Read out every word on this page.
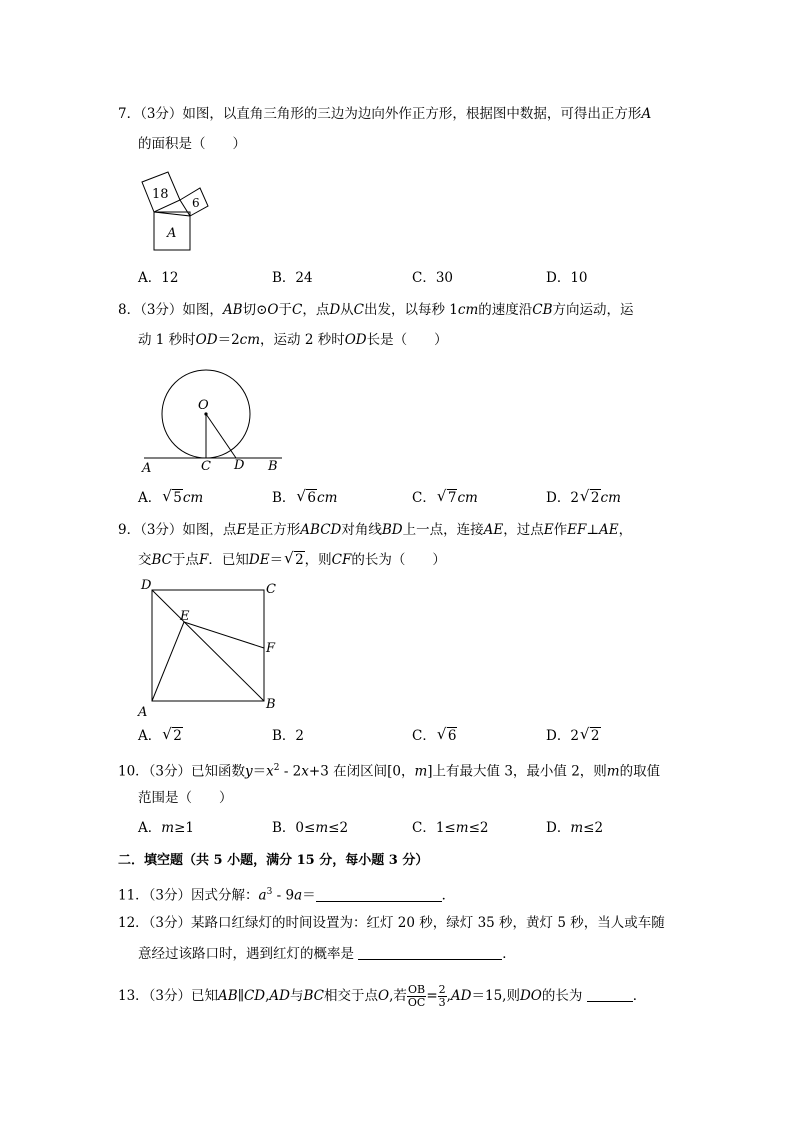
7．（3分）如图，以直角三角形的三边为边向外作正方形，根据图中数据，可得出正方形A
的面积是（　　）
18
6
A
A．12	B．24	C．30	D．10
8．（3分）如图，AB切⊙O于C，点D从C出发，以每秒 1cm的速度沿CB方向运动，运
动 1 秒时OD＝2cm，运动 2 秒时OD长是（　　）
O
A	C D B
A． √ 5cm	B． √ 6cm	C． √ 7cm	D．2 √ 2cm
9．（3分）如图，点E是正方形ABCD对角线BD上一点，连接AE，过点E作EF⊥AE，
交BC于点F．已知DE＝ √ 2，则CF的长为（　　）
D	C
E
F
A
B
A． √ 2	B．2	C． √ 6	D．2 √ 2
10．（3分）已知函数$y=x^2 - 2x+3$ 在闭区间[0，m]上有最大值 3，最小值 2，则m的取值
范围是（　　）
A．m≥1	B．0≤m≤2	C．1≤m≤2	D．m≤2
二．填空题（共 5 小题，满分 15 分，每小题 3 分）
11．（3分）因式分解：$a^3 - 9a=$	．
12．（3分）某路口红绿灯的时间设置为：红灯 20 秒，绿灯 35 秒，黄灯 5 秒，当人或车随
意经过该路口时，遇到红灯的概率是	．
13．（3分）已知AB∥CD,AD与BC相交于点O,若 $\frac{OB}{OC} = \frac{2}{3} ,AD=15$,则DO的长为	．
